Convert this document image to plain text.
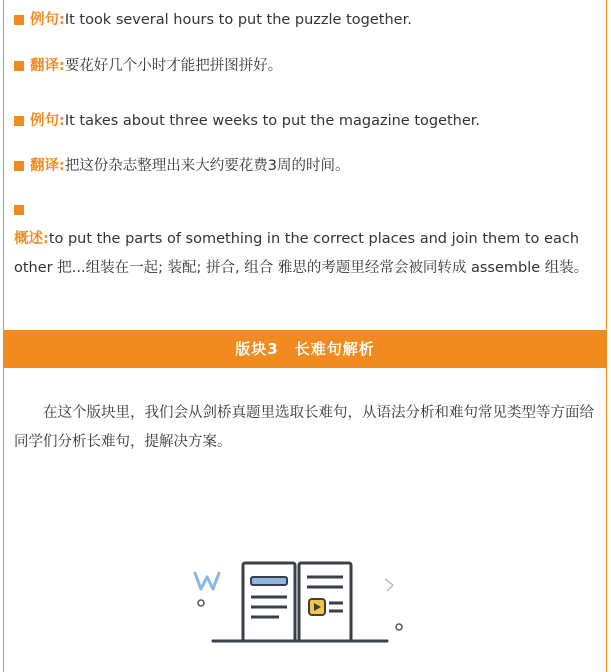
例句:It took several hours to put the puzzle together.
翻译:要花好几个小时才能把拼图拼好。
例句:It takes about three weeks to put the magazine together.
翻译:把这份杂志整理出来大约要花费3周的时间。
概述:to put the parts of something in the correct places and join them to each other 把...组装在一起; 装配; 拼合, 组合 雅思的考题里经常会被同转成 assemble 组装。
版块3　长难句解析
在这个版块里，我们会从剑桥真题里选取长难句，从语法分析和难句常见类型等方面给同学们分析长难句，提解决方案。
